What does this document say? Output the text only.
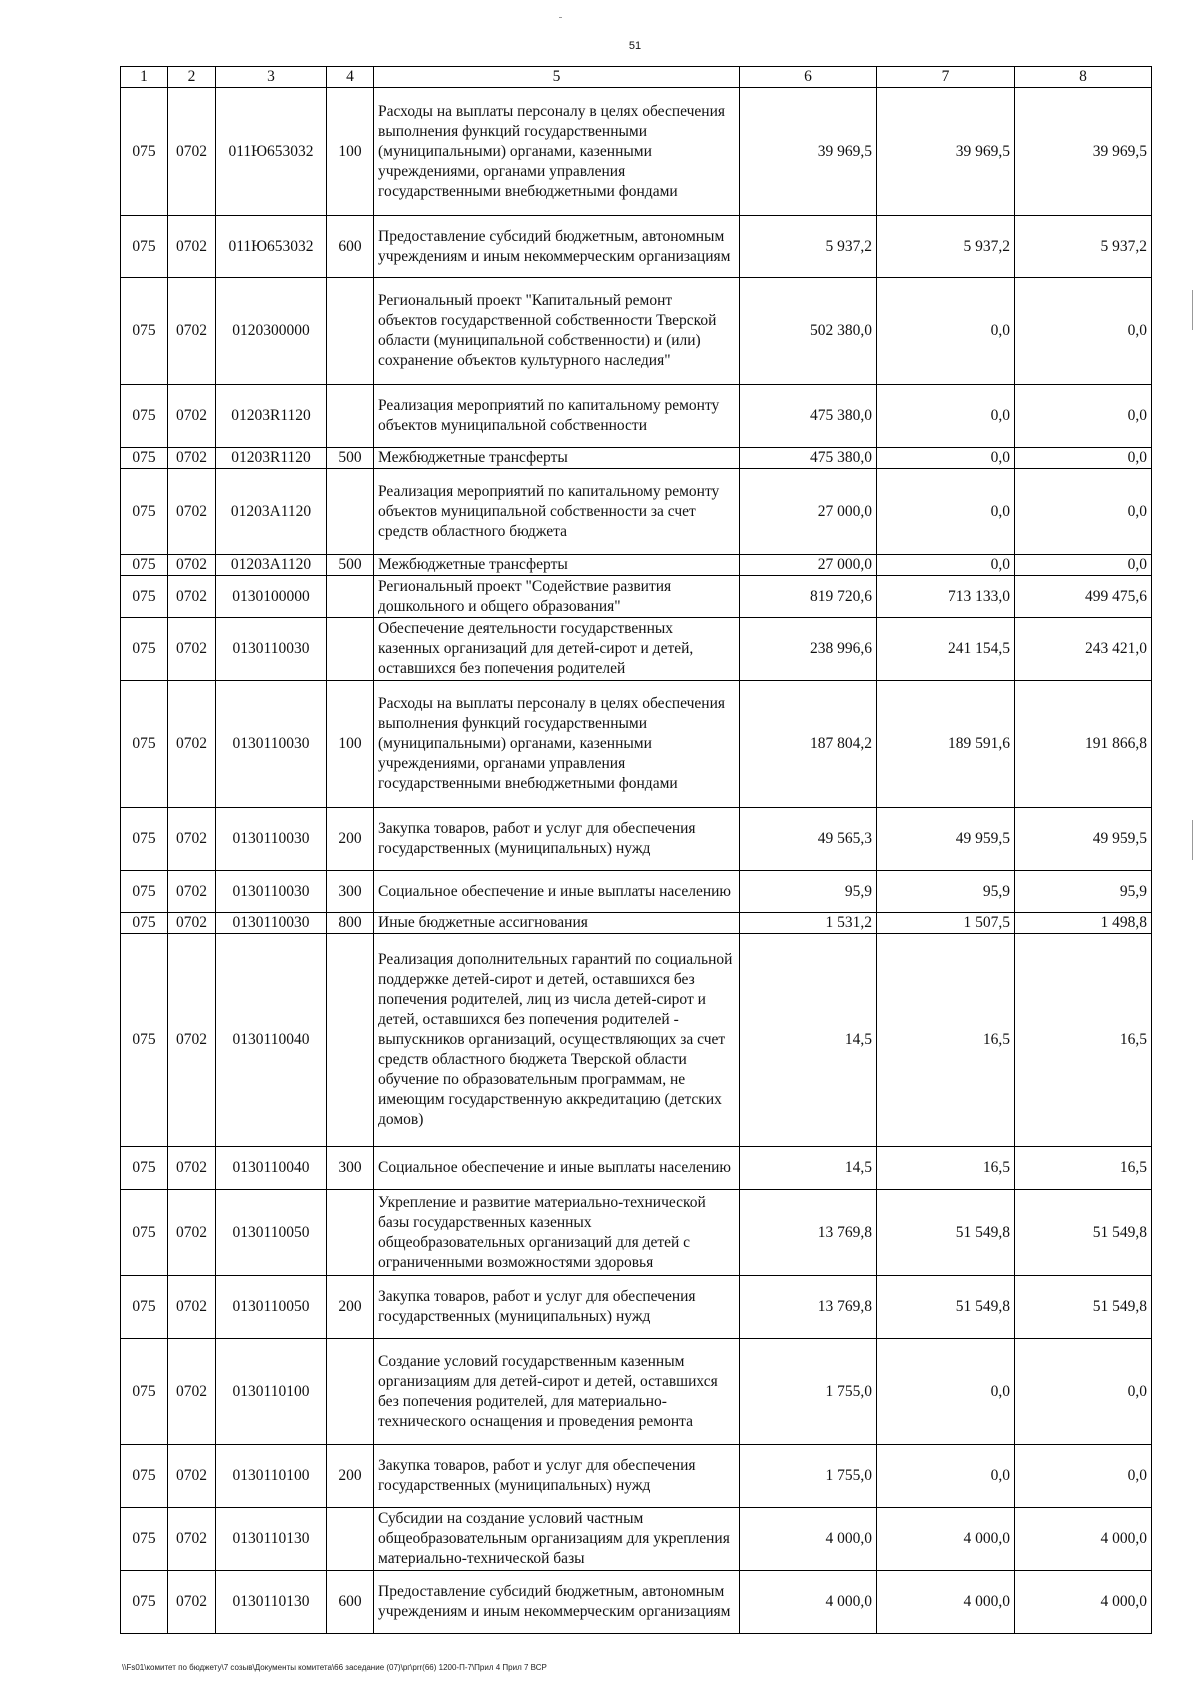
51
1	2	3	4	5	6	7	8
075	0702	011Ю653032	100	Расходы на выплаты персоналу в целях обеспечения выполнения функций государственными (муниципальными) органами, казенными учреждениями, органами управления государственными внебюджетными фондами	39 969,5	39 969,5	39 969,5
075	0702	011Ю653032	600	Предоставление субсидий бюджетным, автономным учреждениям и иным некоммерческим организациям	5 937,2	5 937,2	5 937,2
075	0702	0120300000		Региональный проект "Капитальный ремонт объектов государственной собственности Тверской области (муниципальной собственности) и (или) сохранение объектов культурного наследия"	502 380,0	0,0	0,0
075	0702	01203R1120		Реализация мероприятий по капитальному ремонту объектов муниципальной собственности	475 380,0	0,0	0,0
075	0702	01203R1120	500	Межбюджетные трансферты	475 380,0	0,0	0,0
075	0702	01203А1120		Реализация мероприятий по капитальному ремонту объектов муниципальной собственности за счет средств областного бюджета	27 000,0	0,0	0,0
075	0702	01203А1120	500	Межбюджетные трансферты	27 000,0	0,0	0,0
075	0702	0130100000		Региональный проект "Содействие развития дошкольного и общего образования"	819 720,6	713 133,0	499 475,6
075	0702	0130110030		Обеспечение деятельности государственных казенных организаций для детей-сирот и детей, оставшихся без попечения родителей	238 996,6	241 154,5	243 421,0
075	0702	0130110030	100	Расходы на выплаты персоналу в целях обеспечения выполнения функций государственными (муниципальными) органами, казенными учреждениями, органами управления государственными внебюджетными фондами	187 804,2	189 591,6	191 866,8
075	0702	0130110030	200	Закупка товаров, работ и услуг для обеспечения государственных (муниципальных) нужд	49 565,3	49 959,5	49 959,5
075	0702	0130110030	300	Социальное обеспечение и иные выплаты населению	95,9	95,9	95,9
075	0702	0130110030	800	Иные бюджетные ассигнования	1 531,2	1 507,5	1 498,8
075	0702	0130110040		Реализация дополнительных гарантий по социальной поддержке детей-сирот и детей, оставшихся без попечения родителей, лиц из числа детей-сирот и детей, оставшихся без попечения родителей - выпускников организаций, осуществляющих за счет средств областного бюджета Тверской области обучение по образовательным программам, не имеющим государственную аккредитацию (детских домов)	14,5	16,5	16,5
075	0702	0130110040	300	Социальное обеспечение и иные выплаты населению	14,5	16,5	16,5
075	0702	0130110050		Укрепление и развитие материально-технической базы государственных казенных общеобразовательных организаций для детей с ограниченными возможностями здоровья	13 769,8	51 549,8	51 549,8
075	0702	0130110050	200	Закупка товаров, работ и услуг для обеспечения государственных (муниципальных) нужд	13 769,8	51 549,8	51 549,8
075	0702	0130110100		Создание условий государственным казенным организациям для детей-сирот и детей, оставшихся без попечения родителей, для материально-технического оснащения и проведения ремонта	1 755,0	0,0	0,0
075	0702	0130110100	200	Закупка товаров, работ и услуг для обеспечения государственных (муниципальных) нужд	1 755,0	0,0	0,0
075	0702	0130110130		Субсидии на создание условий частным общеобразовательным организациям для укрепления материально-технической базы	4 000,0	4 000,0	4 000,0
075	0702	0130110130	600	Предоставление субсидий бюджетным, автономным учреждениям и иным некоммерческим организациям	4 000,0	4 000,0	4 000,0
\\Fs01\комитет по бюджету\7 созыв\Документы комитета\66 заседание (07)\рг\prr(66) 1200-П-7\Прил 4 Прил 7 ВСР
